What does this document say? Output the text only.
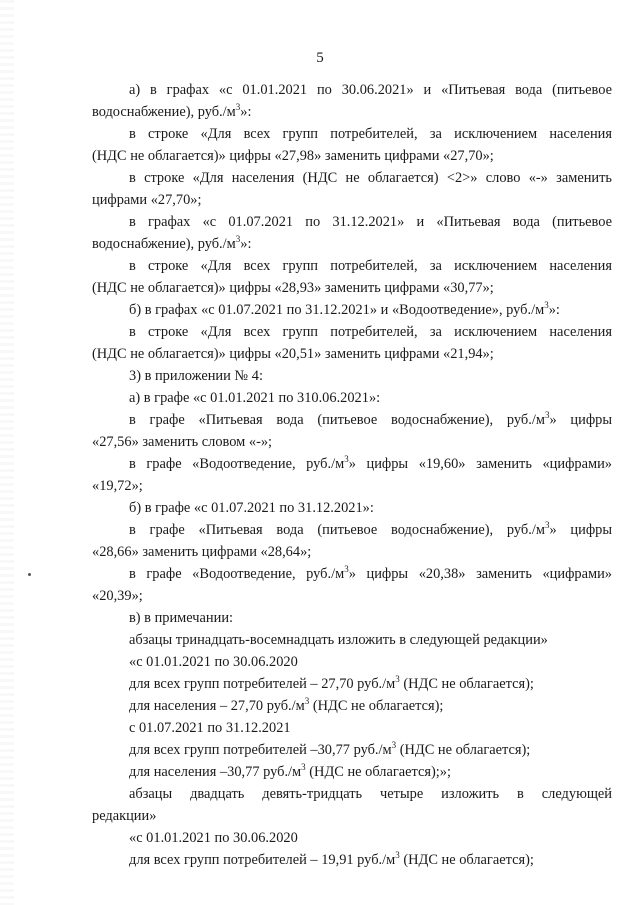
5
а) в графах «с 01.01.2021 по 30.06.2021» и «Питьевая вода (питьевое
водоснабжение), $руб./м^3$»:
в строке «Для всех групп потребителей, за исключением населения
(НДС не облагается)» цифры «27,98» заменить цифрами «27,70»;
в строке «Для населения (НДС не облагается) <2>» слово «-» заменить
цифрами «27,70»;
в графах «с 01.07.2021 по 31.12.2021» и «Питьевая вода (питьевое
водоснабжение), $руб./м^3$»:
в строке «Для всех групп потребителей, за исключением населения
(НДС не облагается)» цифры «28,93» заменить цифрами «30,77»;
б) в графах «с 01.07.2021 по 31.12.2021» и «Водоотведение», $руб./м^3$»:
в строке «Для всех групп потребителей, за исключением населения
(НДС не облагается)» цифры «20,51» заменить цифрами «21,94»;
3) в приложении № 4:
а) в графе «с 01.01.2021 по 310.06.2021»:
в графе «Питьевая вода (питьевое водоснабжение), $руб./м^3$» цифры
«27,56» заменить словом «-»;
в графе «Водоотведение, $руб./м^3$» цифры «19,60» заменить «цифрами»
«19,72»;
б) в графе «с 01.07.2021 по 31.12.2021»:
в графе «Питьевая вода (питьевое водоснабжение), $руб./м^3$» цифры
«28,66» заменить цифрами «28,64»;
в графе «Водоотведение, $руб./м^3$» цифры «20,38» заменить «цифрами»
«20,39»;
в) в примечании:
абзацы тринадцать-восемнадцать изложить в следующей редакции»
«с 01.01.2021 по 30.06.2020
для всех групп потребителей – 27,70 $руб./м^3$ (НДС не облагается);
для населения – 27,70 $руб./м^3$ (НДС не облагается);
с 01.07.2021 по 31.12.2021
для всех групп потребителей –30,77 $руб./м^3$ (НДС не облагается);
для населения –30,77 $руб./м^3$ (НДС не облагается);»;
абзацы двадцать девять-тридцать четыре изложить в следующей
редакции»
«с 01.01.2021 по 30.06.2020
для всех групп потребителей – 19,91 $руб./м^3$ (НДС не облагается);
